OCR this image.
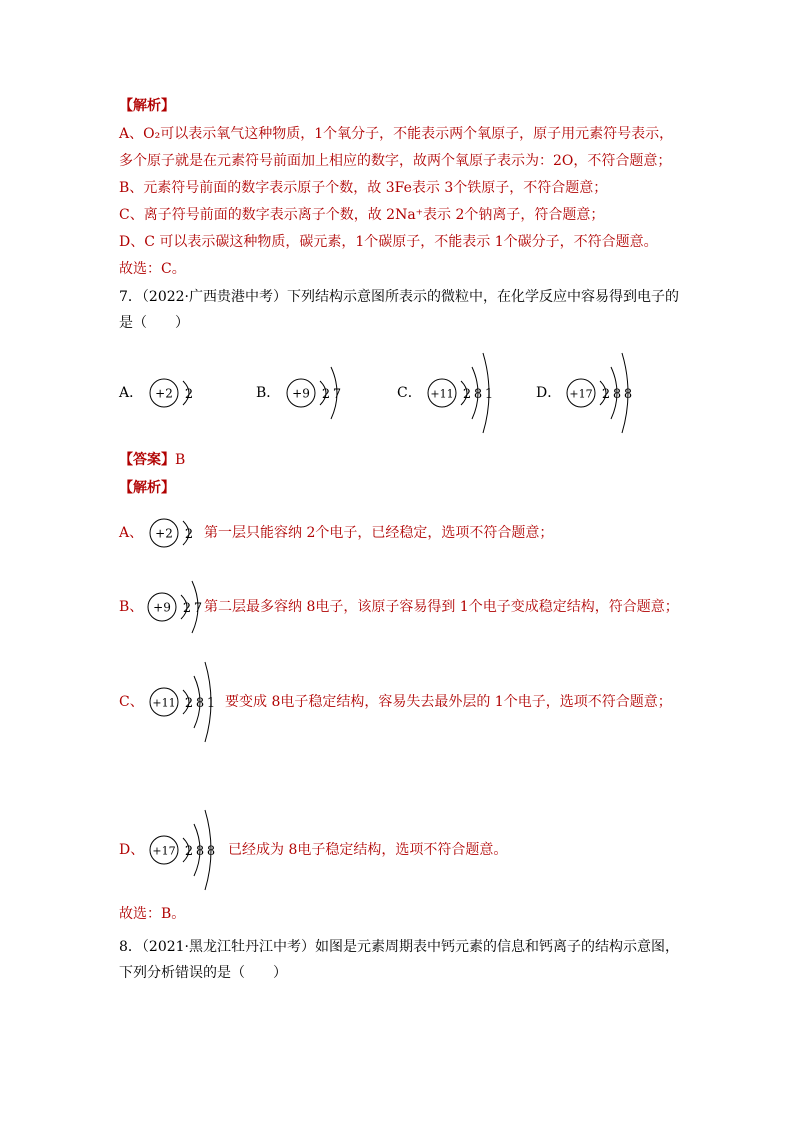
【解析】
A、O₂可以表示氧气这种物质，1个氧分子，不能表示两个氧原子，原子用元素符号表示，
多个原子就是在元素符号前面加上相应的数字，故两个氧原子表示为：2O，不符合题意；
B、元素符号前面的数字表示原子个数，故 3Fe表示 3个铁原子，不符合题意；
C、离子符号前面的数字表示离子个数，故 2Na⁺表示 2个钠离子，符合题意；
D、C 可以表示碳这种物质，碳元素，1个碳原子，不能表示 1个碳分子，不符合题意。
故选：C。
7．（2022·广西贵港中考）下列结构示意图所表示的微粒中，在化学反应中容易得到电子的
是（　　）
A． +2 2	B． +9 2 7	C． +11 2 8 1	D． +17 2 8 8
【答案】B
【解析】
A、 +2 2 第一层只能容纳 2个电子，已经稳定，选项不符合题意；
B、 +9 2 7 第二层最多容纳 8电子，该原子容易得到 1个电子变成稳定结构，符合题意；
C、 +11 2 8 1 要变成 8电子稳定结构，容易失去最外层的 1个电子，选项不符合题意；
D、 +17 2 8 8 已经成为 8电子稳定结构，选项不符合题意。
故选：B。
8．（2021·黑龙江牡丹江中考）如图是元素周期表中钙元素的信息和钙离子的结构示意图，
下列分析错误的是（　　）
